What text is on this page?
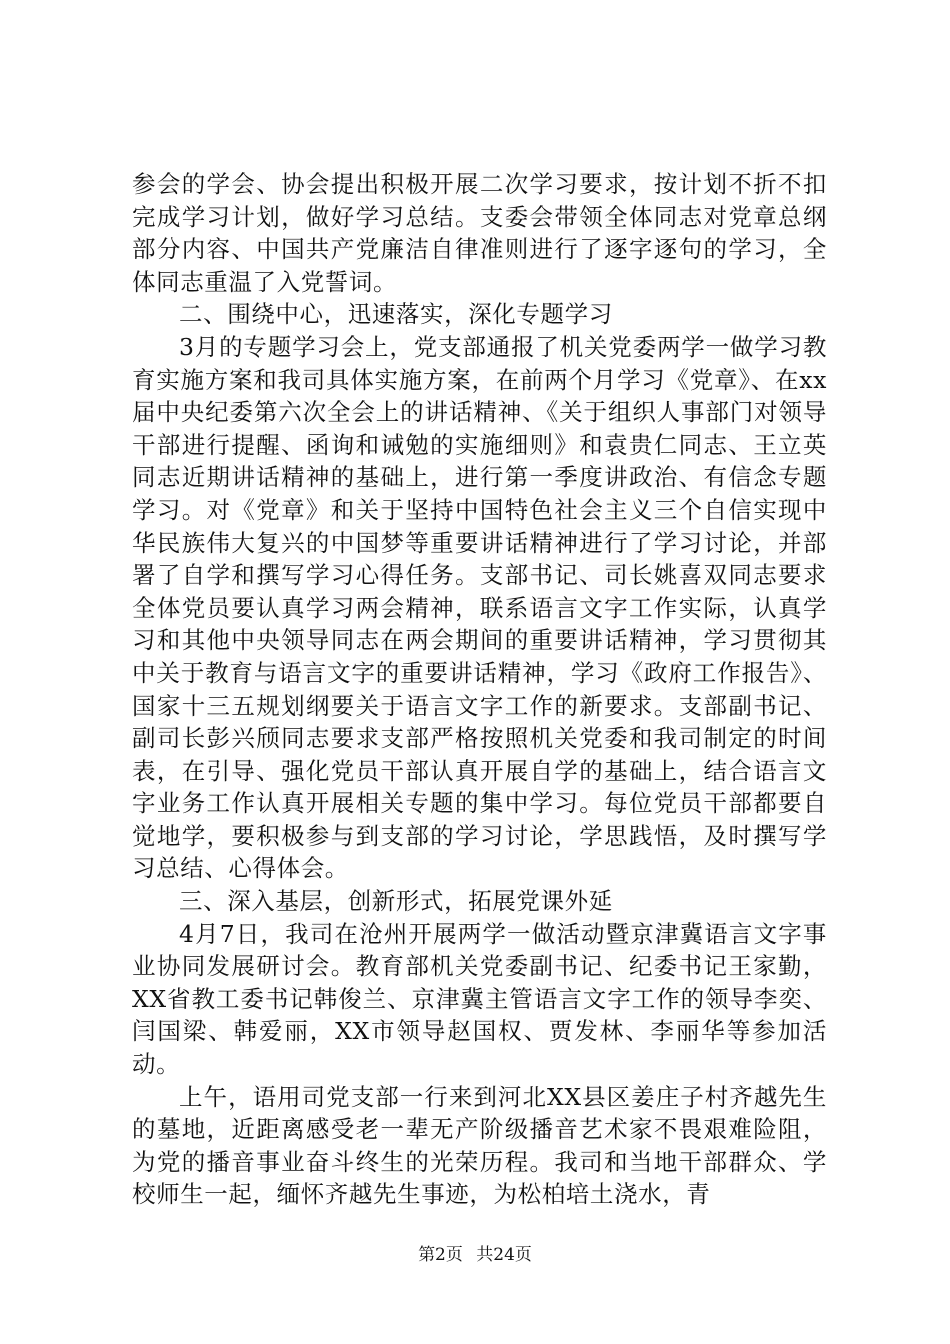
参会的学会、协会提出积极开展二次学习要求，按计划不折不扣完成学习计划，做好学习总结。支委会带领全体同志对党章总纲部分内容、中国共产党廉洁自律准则进行了逐字逐句的学习，全体同志重温了入党誓词。

二、围绕中心，迅速落实，深化专题学习

3月的专题学习会上，党支部通报了机关党委两学一做学习教育实施方案和我司具体实施方案，在前两个月学习《党章》、在xx届中央纪委第六次全会上的讲话精神、《关于组织人事部门对领导干部进行提醒、函询和诫勉的实施细则》和袁贵仁同志、王立英同志近期讲话精神的基础上，进行第一季度讲政治、有信念专题学习。对《党章》和关于坚持中国特色社会主义三个自信实现中华民族伟大复兴的中国梦等重要讲话精神进行了学习讨论，并部署了自学和撰写学习心得任务。支部书记、司长姚喜双同志要求全体党员要认真学习两会精神，联系语言文字工作实际，认真学习和其他中央领导同志在两会期间的重要讲话精神，学习贯彻其中关于教育与语言文字的重要讲话精神，学习《政府工作报告》、国家十三五规划纲要关于语言文字工作的新要求。支部副书记、副司长彭兴颀同志要求支部严格按照机关党委和我司制定的时间表，在引导、强化党员干部认真开展自学的基础上，结合语言文字业务工作认真开展相关专题的集中学习。每位党员干部都要自觉地学，要积极参与到支部的学习讨论，学思践悟，及时撰写学习总结、心得体会。

三、深入基层，创新形式，拓展党课外延

4月7日，我司在沧州开展两学一做活动暨京津冀语言文字事业协同发展研讨会。教育部机关党委副书记、纪委书记王家勤，XX省教工委书记韩俊兰、京津冀主管语言文字工作的领导李奕、闫国梁、韩爱丽，XX市领导赵国权、贾发林、李丽华等参加活动。

上午，语用司党支部一行来到河北XX县区姜庄子村齐越先生的墓地，近距离感受老一辈无产阶级播音艺术家不畏艰难险阻，为党的播音事业奋斗终生的光荣历程。我司和当地干部群众、学校师生一起，缅怀齐越先生事迹，为松柏培土浇水，青

第2页 共24页
